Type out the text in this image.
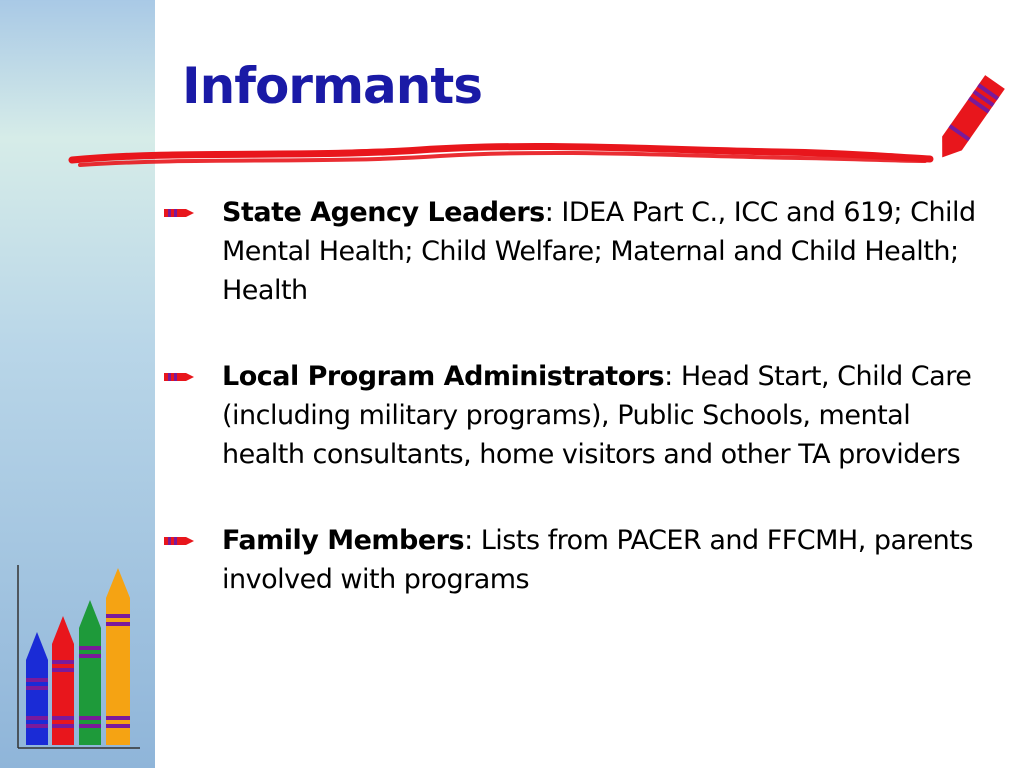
Informants

State Agency Leaders: IDEA Part C., ICC and 619; Child Mental Health; Child Welfare; Maternal and Child Health; Health

Local Program Administrators: Head Start, Child Care (including military programs), Public Schools, mental health consultants, home visitors and other TA providers

Family Members: Lists from PACER and FFCMH, parents involved with programs
